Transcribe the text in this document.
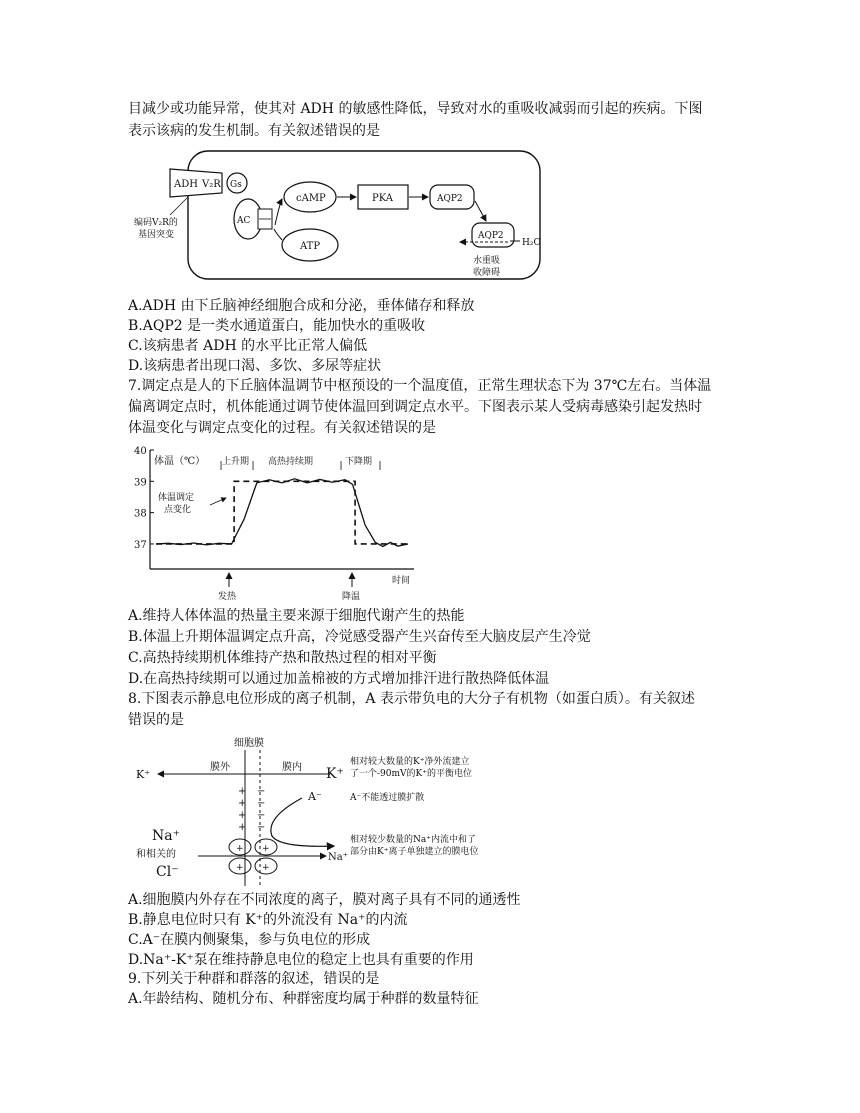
目减少或功能异常，使其对 ADH 的敏感性降低，导致对水的重吸收减弱而引起的疾病。下图
表示该病的发生机制。有关叙述错误的是
ADH V₂R Gs
AC
cAMP
ATP
PKA	AQP2
AQP2
H₂O
编码V₂R的
基因突变
水重吸
收障碍
A.ADH 由下丘脑神经细胞合成和分泌，垂体储存和释放
B.AQP2 是一类水通道蛋白，能加快水的重吸收
C.该病患者 ADH 的水平比正常人偏低
D.该病患者出现口渴、多饮、多尿等症状
7.调定点是人的下丘脑体温调节中枢预设的一个温度值，正常生理状态下为 37℃左右。当体温
偏离调定点时，机体能通过调节使体温回到调定点水平。下图表示某人受病毒感染引起发热时
体温变化与调定点变化的过程。有关叙述错误的是
37
38
39
40
体温（℃）
时间
上升期 高热持续期	下降期
体温调定
点变化
发热	降温
A.维持人体体温的热量主要来源于细胞代谢产生的热能
B.体温上升期体温调定点升高，冷觉感受器产生兴奋传至大脑皮层产生冷觉
C.高热持续期机体维持产热和散热过程的相对平衡
D.在高热持续期可以通过加盖棉被的方式增加排汗进行散热降低体温
8.下图表示静息电位形成的离子机制，A 表示带负电的大分子有机物（如蛋白质）。有关叙述
错误的是
细胞膜
膜外	膜内
K⁺	K⁺
+
+
+
+
−
−
−
−
A⁻
+ +
+ +
Na⁺
和相关的
Cl⁻
Na⁺
相对较大数量的K⁺净外流建立
了一个-90mV的K⁺的平衡电位
A⁻不能透过膜扩散
相对较少数量的Na⁺内流中和了
部分由K⁺离子单独建立的膜电位
A.细胞膜内外存在不同浓度的离子，膜对离子具有不同的通透性
B.静息电位时只有 K⁺的外流没有 Na⁺的内流
C.A⁻在膜内侧聚集，参与负电位的形成
D.Na⁺-K⁺泵在维持静息电位的稳定上也具有重要的作用
9.下列关于种群和群落的叙述，错误的是
A.年龄结构、随机分布、种群密度均属于种群的数量特征
